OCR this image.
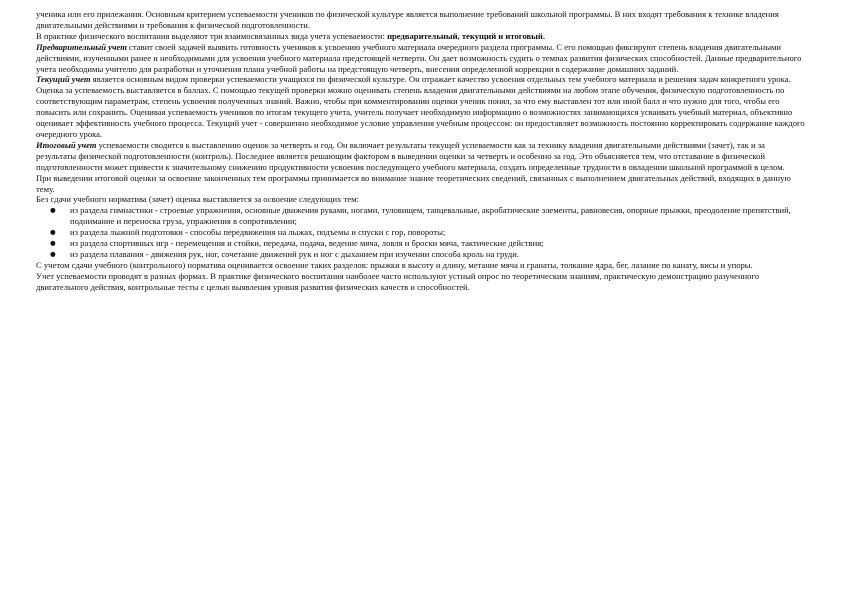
ученика или его прилежания. Основным критерием успеваемости учеников по физической культуре является выполнение требований школьной программы. В них входят требования к технике владения двигательными действиями и требования к физической подготовленности.

В практике физического воспитания выделяют три взаимосвязанных вида учета успеваемости: предварительный, текущий и итоговый.

Предварительный учет ставит своей задачей выявить готовность учеников к усвоению учебного материала очередного раздела программы. С его помощью фиксируют степень владения двигательными действиями, изученными ранее и необходимыми для усвоения учебного материала предстоящей четверти. Он дает возможность судить о темпах развития физических способностей. Данные предварительного учета необходимы учителю для разработки и уточнения плана учебной работы на предстоящую четверть, внесения определенной коррекции в содержание домашних заданий.

Текущий учет является основным видом проверки успеваемости учащихся по физической культуре. Он отражает качество усвоения отдельных тем учебного материала и решения задач конкретного урока. Оценка за успеваемость выставляется в баллах. С помощью текущей проверки можно оценивать степень владения двигательными действиями на любом этапе обучения, физическую подготовленность по соответствующим параметрам, степень усвоения полученных знаний. Важно, чтобы при комментировании оценки ученик понял, за что ему выставлен тот или иной балл и что нужно для того, чтобы его повысить или сохранить. Оценивая успеваемость учеников по итогам текущего учета, учитель получает необходимую информацию о возможностях занимающихся усваивать учебный материал, объективно оценивает эффективность учебного процесса. Текущий учет - совершенно необходимое условие управления учебным процессом: он предоставляет возможность постоянно корректировать содержание каждого очередного урока.

Итоговый учет успеваемости сводится к выставлению оценок за четверть и год. Он включает результаты текущей успеваемости как за технику владения двигательными действиями (зачет), так и за результаты физической подготовленности (контроль). Последнее является решающим фактором в выведении оценки за четверть и особенно за год. Это объясняется тем, что отставание в физической подготовленности может привести к значительному снижению продуктивности усвоения последующего учебного материала, создать определенные трудности в овладении школьной программой в целом.

При выведении итоговой оценки за освоение законченных тем программы принимается во внимание знание теоретических сведений, связанных с выполнением двигательных действий, входящих в данную тему.

Без сдачи учебного норматива (зачет) оценка выставляется за освоение следующих тем:

● из раздела гимнастики - строевые упражнения, основные движения руками, ногами, туловищем, танцевальные, акробатические элементы, равновесия, опорные прыжки, преодоление препятствий, поднимание и переноска груза, упражнения в сопротивлении;
● из раздела лыжной подготовки - способы передвижения на лыжах, подъемы и спуски с гор, повороты;
● из раздела спортивных игр - перемещения и стойки, передача, подача, ведение мяча, ловля и броски мяча, тактические действия;
● из раздела плавания - движения рук, ног, сочетание движений рук и ног с дыханием при изучении способа кроль на груди.

С учетом сдачи учебного (контрольного) норматива оценивается освоение таких разделов: прыжки в высоту и длину, метание мяча и гранаты, толкание ядра, бег, лазание по канату, висы и упоры.

Учет успеваемости проводят в разных формах. В практике физического воспитания наиболее часто используют устный опрос по теоретическим знаниям, практическую демонстрацию разученного двигательного действия, контрольные тесты с целью выявления уровня развития физических качеств и способностей.
